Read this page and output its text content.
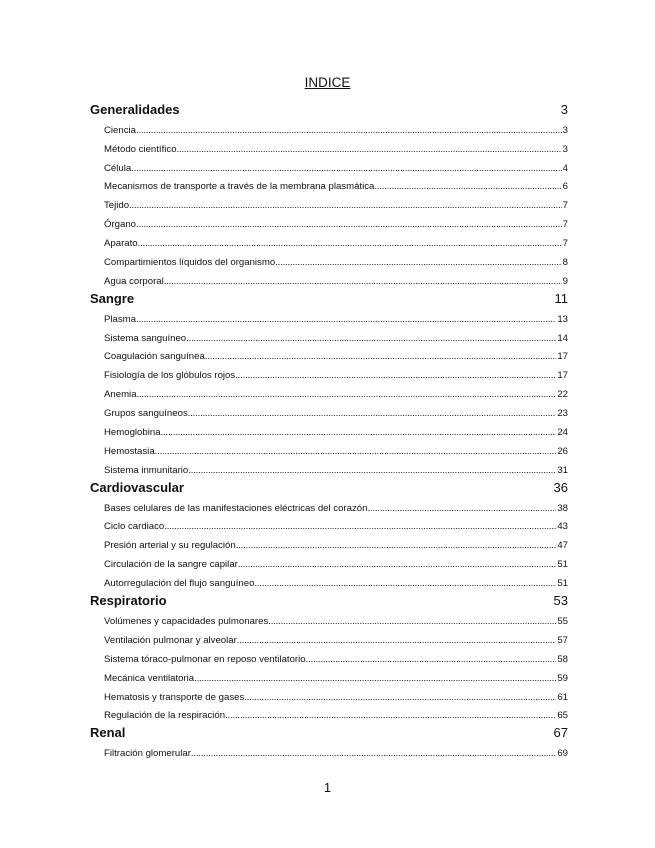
INDICE
Generalidades	3
Ciencia .....	3
Método científico .....	3
Célula .....	4
Mecanismos de transporte a través de la membrana plasmática .....	6
Tejido .....	7
Órgano .....	7
Aparato .....	7
Compartimientos líquidos del organismo .....	8
Agua corporal .....	9
Sangre	11
Plasma .....	13
Sistema sanguíneo .....	14
Coagulación sanguínea .....	17
Fisiología de los glóbulos rojos .....	17
Anemia .....	22
Grupos sanguíneos .....	23
Hemoglobina .....	24
Hemostasia .....	26
Sistema inmunitario .....	31
Cardiovascular	36
Bases celulares de las manifestaciones eléctricas del corazón .....	38
Ciclo cardiaco .....	43
Presión arterial y su regulación .....	47
Circulación de la sangre capilar .....	51
Autorregulación del flujo sanguíneo .....	51
Respiratorio	53
Volúmenes y capacidades pulmonares .....	55
Ventilación pulmonar y alveolar .....	57
Sistema tóraco-pulmonar en reposo ventilatorio .....	58
Mecánica ventilatoria .....	59
Hematosis y transporte de gases .....	61
Regulación de la respiración .....	65
Renal	67
Filtración glomerular .....	69
1
